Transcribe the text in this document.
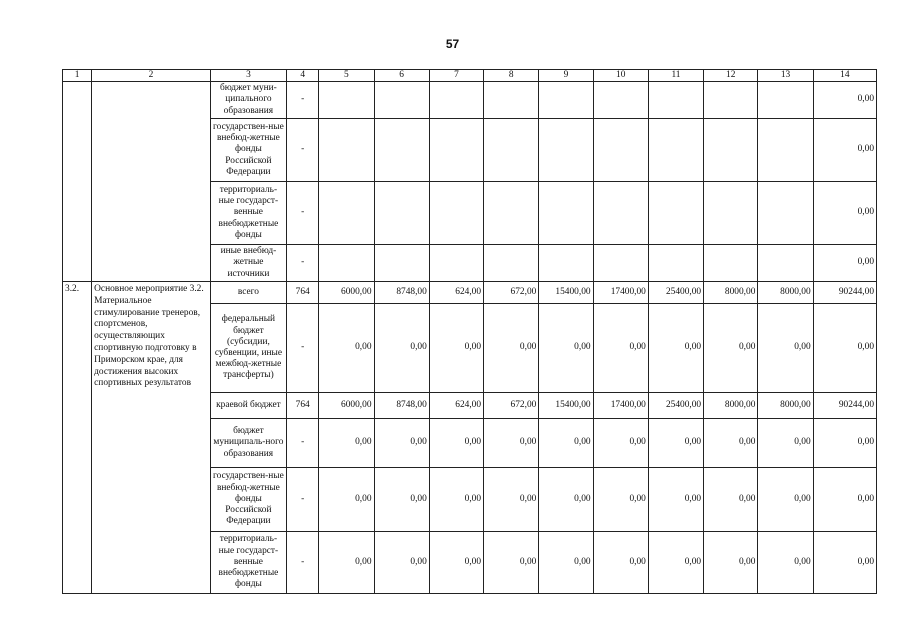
57
1	2	3	4	5	6	7	8	9	10	11	12	13	14
		бюджет муни-ципального образования	-										0,00
		государствен-ные внебюд-жетные фонды Российской Федерации	-										0,00
		территориаль-ные государст-венные внебюджетные фонды	-										0,00
		иные внебюд-жетные источники	-										0,00
3.2.	Основное мероприятие 3.2. Материальное стимулирование тренеров, спортсменов, осуществляющих спортивную подготовку в Приморском крае, для достижения высоких спортивных результатов	всего	764	6000,00	8748,00	624,00	672,00	15400,00	17400,00	25400,00	8000,00	8000,00	90244,00
		федеральный бюджет (субсидии, субвенции, иные межбюд-жетные трансферты)	-	0,00	0,00	0,00	0,00	0,00	0,00	0,00	0,00	0,00	0,00
		краевой бюджет	764	6000,00	8748,00	624,00	672,00	15400,00	17400,00	25400,00	8000,00	8000,00	90244,00
		бюджет муниципаль-ного образования	-	0,00	0,00	0,00	0,00	0,00	0,00	0,00	0,00	0,00	0,00
		государствен-ные внебюд-жетные фонды Российской Федерации	-	0,00	0,00	0,00	0,00	0,00	0,00	0,00	0,00	0,00	0,00
		территориаль-ные государст-венные внебюджетные фонды	-	0,00	0,00	0,00	0,00	0,00	0,00	0,00	0,00	0,00	0,00
